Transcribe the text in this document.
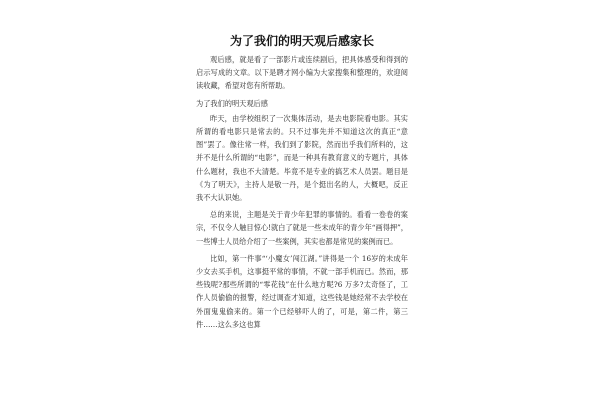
为了我们的明天观后感家长

观后感，就是看了一部影片或连续剧后，把具体感受和得到的启示写成的文章。以下是聘才网小编为大家搜集和整理的，欢迎阅读收藏，希望对您有所帮助。

为了我们的明天观后感

昨天，由学校组织了一次集体活动，是去电影院看电影。其实所谓的看电影只是常去的。只不过事先并不知道这次的真正“意图”罢了。像往常一样，我们到了影院，然而出乎我们所料的，这并不是什么所谓的“电影”，而是一种具有教育意义的专题片，具体什么题材，我也不大清楚。毕竟不是专业的搞艺术人员罢。题目是《为了明天》，主持人是敬一丹，是个挺出名的人，大概吧，反正我不大认识她。

总的来说，主题是关于青少年犯罪的事情的。看看一卷卷的案宗，不仅令人触目惊心!就白了就是一些未成年的青少年“画得押”，一些博士人员给介绍了一些案例，其实也都是常见的案例而已。

比如，第一件事“‘小魔女’闯江湖。”讲得是一个 16岁的未成年少女去买手机，这事挺平常的事情，不就一部手机而已。然而，那些钱呢?那些所谓的“零花钱”在什么地方呢?6 万多?太奇怪了，工作人员偷偷的报警，经过调查才知道，这些钱是她经常不去学校在外面鬼鬼偷来的。第一个已经够吓人的了，可是，第二件，第三件……这么多这也算
